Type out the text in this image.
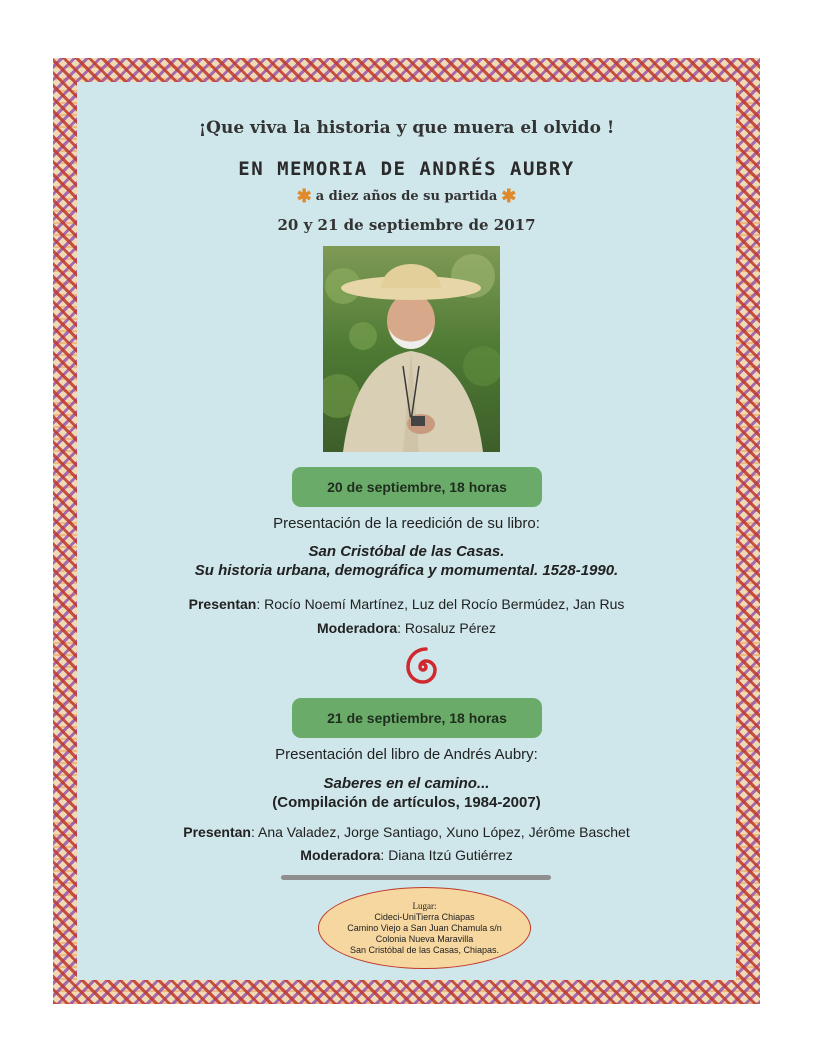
¡Que viva la historia y que muera el olvido !

EN MEMORIA DE ANDRÉS AUBRY

✱ a diez años de su partida ✱

20 y 21 de septiembre de 2017

20 de septiembre, 18 horas

Presentación de la reedición de su libro:

San Cristóbal de las Casas.

Su historia urbana, demográfica y momumental. 1528-1990.

Presentan: Rocío Noemí Martínez, Luz del Rocío Bermúdez, Jan Rus

Moderadora: Rosaluz Pérez

21 de septiembre, 18 horas

Presentación del libro de Andrés Aubry:

Saberes en el camino...

(Compilación de artículos, 1984-2007)

Presentan: Ana Valadez, Jorge Santiago, Xuno López, Jérôme Baschet

Moderadora: Diana Itzú Gutiérrez

Lugar:
Cideci-UniTierra Chiapas
Camino Viejo a San Juan Chamula s/n
Colonia Nueva Maravilla
San Cristóbal de las Casas, Chiapas.
